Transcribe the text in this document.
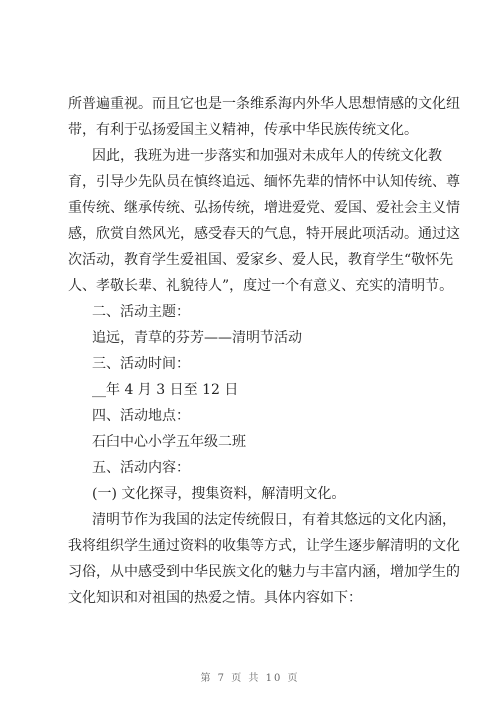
所普遍重视。而且它也是一条维系海内外华人思想情感的文化纽
带，有利于弘扬爱国主义精神，传承中华民族传统文化。
因此，我班为进一步落实和加强对未成年人的传统文化教
育，引导少先队员在慎终追远、缅怀先辈的情怀中认知传统、尊
重传统、继承传统、弘扬传统，增进爱党、爱国、爱社会主义情
感，欣赏自然风光，感受春天的气息，特开展此项活动。通过这
次活动，教育学生爱祖国、爱家乡、爱人民，教育学生“敬怀先
人、孝敬长辈、礼貌待人”，度过一个有意义、充实的清明节。
二、活动主题：
追远，青草的芬芳——清明节活动
三、活动时间：
__年 4 月 3 日至 12 日
四、活动地点：
石臼中心小学五年级二班
五、活动内容：
(一) 文化探寻，搜集资料，解清明文化。
清明节作为我国的法定传统假日，有着其悠远的文化内涵，
我将组织学生通过资料的收集等方式，让学生逐步解清明的文化
习俗，从中感受到中华民族文化的魅力与丰富内涵，增加学生的
文化知识和对祖国的热爱之情。具体内容如下：
第 7 页 共 10 页
